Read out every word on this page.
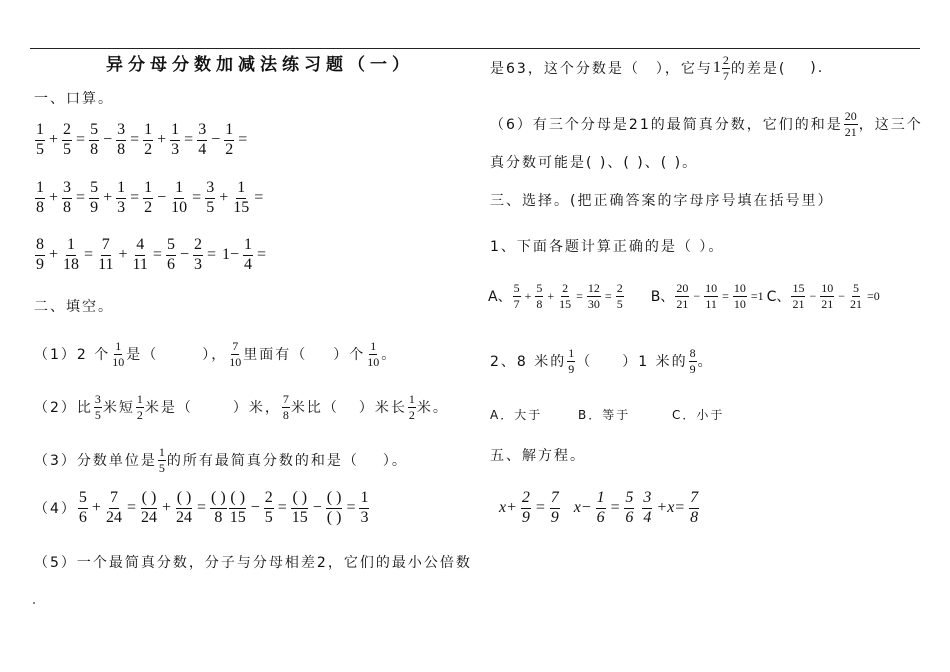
异分母分数加减法练习题（一）
一、口算。
$\frac{1}{5} + \frac{2}{5} = \frac{5}{8} - \frac{3}{8} = \frac{1}{2} + \frac{1}{3} = \frac{3}{4} - \frac{1}{2}$ =
$\frac{1}{8} + \frac{3}{8} = \frac{5}{9} + \frac{1}{3} = \frac{1}{2} - \frac{1}{10} = \frac{3}{5} + \frac{1}{15}$ =
$\frac{8}{9} + \frac{1}{18} = \frac{7}{11} + \frac{4}{11} = \frac{5}{6} - \frac{2}{3} = 1- \frac{1}{4}$ =
二、填空。
（1）2 个 $\frac{1}{10}$ 是（	）， $\frac{7}{10}$ 里面有（ ）个 $\frac{1}{10}$ 。
（2）比 $\frac{3}{5}$ 米短 $\frac{1}{2}$ 米是（	）米， $\frac{7}{8}$ 米比（ ）米长 $\frac{1}{2}$ 米。
（3）分数单位是 $\frac{1}{5}$ 的所有最简真分数的和是（ ）。
$(4) \frac{5}{6} + \frac{7}{24}$ =
( )
24
+
( )
24
=
( )
8
( )
15
− $\frac{2}{5}$ =
( )
15
−
( )
( )
= $\frac{1}{3}$
（5）一个最简真分数，分子与分母相差2，它们的最小公倍数
是63，这个分数是（ ），它与 $1 \frac{2}{7}$ 的差是( ).
（6）有三个分母是21的最简真分数，它们的和是 $\frac{20}{21}$ ，这三个
真分数可能是( )、( )、( )。
三、选择。(把正确答案的字母序号填在括号里）
1、下面各题计算正确的是（ ）。
A、 $\frac{5}{7} + \frac{5}{8} + \frac{2}{15} = \frac{12}{30} = \frac{2}{5}$ B、 $\frac{20}{21} - \frac{10}{11} = \frac{10}{10} =1$ C、 $\frac{15}{21} - \frac{10}{21} - \frac{5}{21} =0$
2、8 米的 $\frac{1}{9}$ （ ）1 米的 $\frac{8}{9}$ 。
A．大于	B．等于	C．小于
五、解方程。
$x+ \frac{2}{9} = \frac{7}{9} x- \frac{1}{6} = \frac{5}{6} \frac{3}{4} +x= \frac{7}{8}$
